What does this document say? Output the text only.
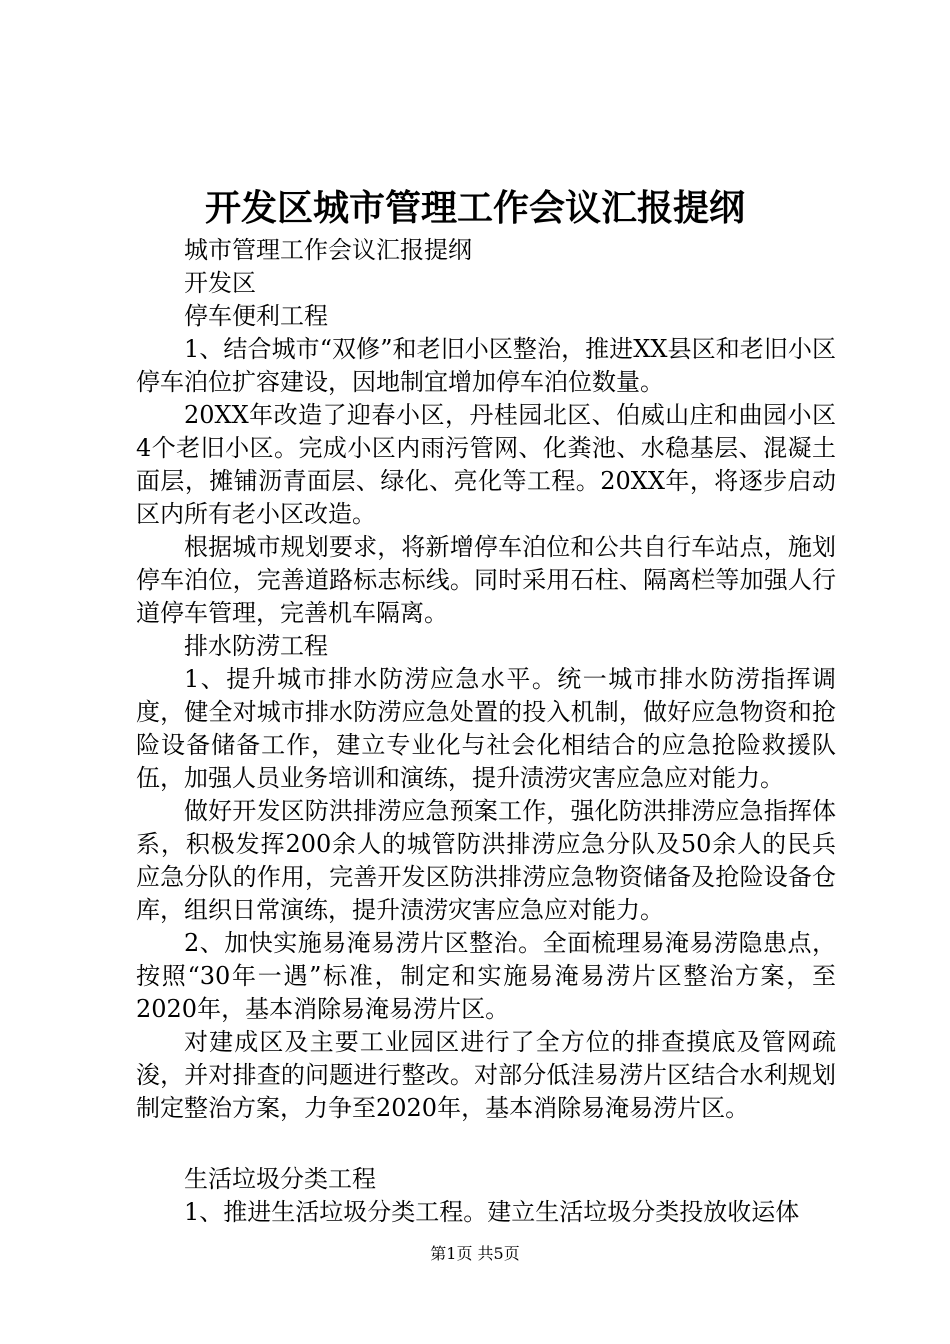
开发区城市管理工作会议汇报提纲

城市管理工作会议汇报提纲

开发区

停车便利工程

1、结合城市“双修”和老旧小区整治，推进XX县区和老旧小区停车泊位扩容建设，因地制宜增加停车泊位数量。

20XX年改造了迎春小区，丹桂园北区、伯威山庄和曲园小区4个老旧小区。完成小区内雨污管网、化粪池、水稳基层、混凝土面层，摊铺沥青面层、绿化、亮化等工程。20XX年，将逐步启动区内所有老小区改造。

根据城市规划要求，将新增停车泊位和公共自行车站点，施划停车泊位，完善道路标志标线。同时采用石柱、隔离栏等加强人行道停车管理，完善机车隔离。

排水防涝工程

1、提升城市排水防涝应急水平。统一城市排水防涝指挥调度，健全对城市排水防涝应急处置的投入机制，做好应急物资和抢险设备储备工作，建立专业化与社会化相结合的应急抢险救援队伍，加强人员业务培训和演练，提升渍涝灾害应急应对能力。

做好开发区防洪排涝应急预案工作，强化防洪排涝应急指挥体系，积极发挥200余人的城管防洪排涝应急分队及50余人的民兵应急分队的作用，完善开发区防洪排涝应急物资储备及抢险设备仓库，组织日常演练，提升渍涝灾害应急应对能力。

2、加快实施易淹易涝片区整治。全面梳理易淹易涝隐患点，按照“30年一遇”标准，制定和实施易淹易涝片区整治方案，至2020年，基本消除易淹易涝片区。

对建成区及主要工业园区进行了全方位的排查摸底及管网疏浚，并对排查的问题进行整改。对部分低洼易涝片区结合水利规划制定整治方案，力争至2020年，基本消除易淹易涝片区。

生活垃圾分类工程

1、推进生活垃圾分类工程。建立生活垃圾分类投放收运体

第1页 共5页
